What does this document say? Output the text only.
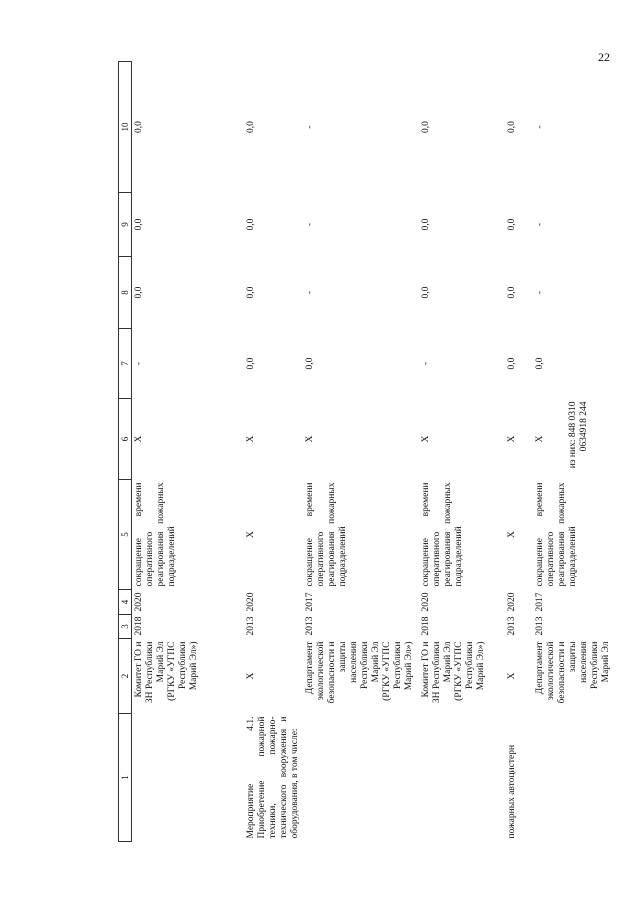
22
1	2	3	4	5	6	7	8	9	10
	Комитет ГО и ЗН Республики Марий Эл (РГКУ «УГПС Республики Марий Эл»)	2018	2020	сокращение времени оперативного реагирования пожарных подразделений	Х	-	0,0	0,0	0,0
Мероприятие 4.1. Приобретение пожарной техники, пожарно-технического вооружения и оборудования, в том числе:	Х	2013	2020	Х	Х	0,0	0,0	0,0	0,0
	Департамент экологической безопасности и защиты населения Республики Марий Эл (РГКУ «УГПС Республики Марий Эл»)	2013	2017	сокращение времени оперативного реагирования пожарных подразделений	Х	0,0	-	-	-
	Комитет ГО и ЗН Республики Марий Эл (РГКУ «УГПС Республики Марий Эл»)	2018	2020	сокращение времени оперативного реагирования пожарных подразделений	Х	-	0,0	0,0	0,0
пожарных автоцистерн	Х	2013	2020	Х	Х	0,0	0,0	0,0	0,0
	Департамент экологической безопасности и защиты населения Республики Марий Эл	2013	2017	сокращение времени оперативного реагирования пожарных подразделений	Х из них: 848 0310 0634918 244	0,0	-	-	-
